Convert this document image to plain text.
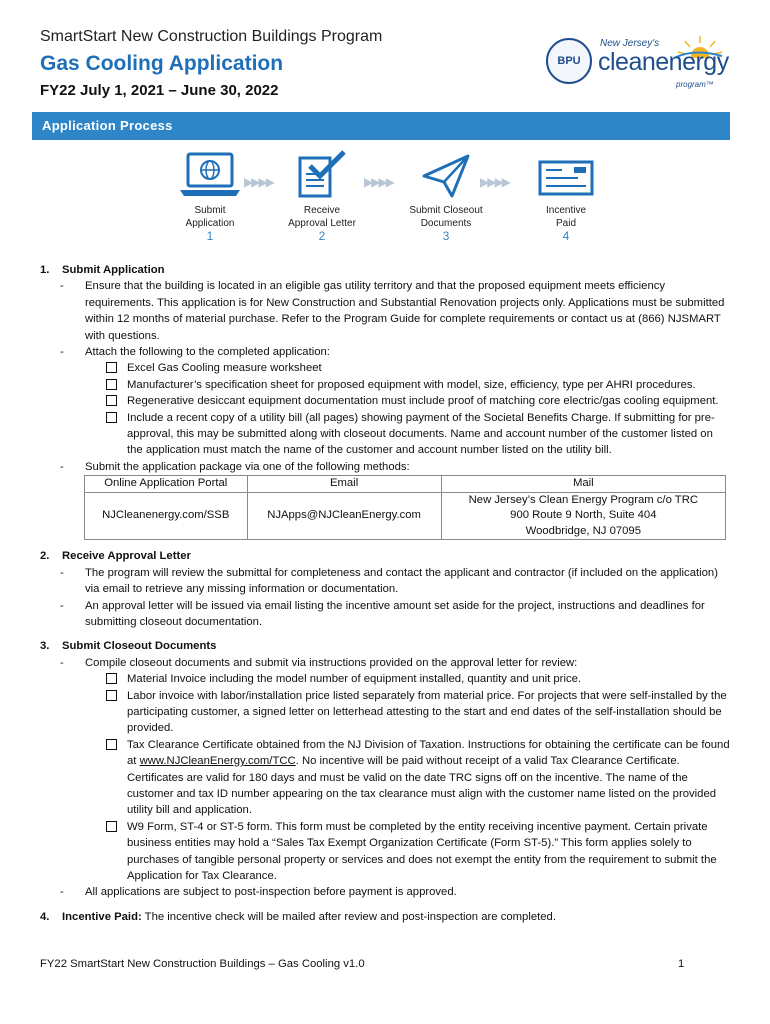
SmartStart New Construction Buildings Program
Gas Cooling Application
FY22 July 1, 2021 – June 30, 2022
BPU
New Jersey's
cleanenergy
program™
Application Process
Submit
Application
1
▶▶▶▶
Receive
Approval Letter
2
▶▶▶▶
Submit Closeout
Documents
3
▶▶▶▶
Incentive
Paid
4
1.	Submit Application
-	Ensure that the building is located in an eligible gas utility territory and that the proposed equipment meets efficiency requirements. This application is for New Construction and Substantial Renovation projects only. Applications must be submitted within 12 months of material purchase. Refer to the Program Guide for complete requirements or contact us at (866) NJSMART with questions.
-	Attach the following to the completed application:
Excel Gas Cooling measure worksheet
Manufacturer’s specification sheet for proposed equipment with model, size, efficiency, type per AHRI procedures.
Regenerative desiccant equipment documentation must include proof of matching core electric/gas cooling equipment.
Include a recent copy of a utility bill (all pages) showing payment of the Societal Benefits Charge. If submitting for pre-approval, this may be submitted along with closeout documents. Name and account number of the customer listed on the application must match the name of the customer and account number listed on the utility bill.
-	Submit the application package via one of the following methods:
Online Application Portal	Email	Mail
NJCleanenergy.com/SSB	NJApps@NJCleanEnergy.com	New Jersey’s Clean Energy Program c/o TRC
900 Route 9 North, Suite 404
Woodbridge, NJ 07095
2.	Receive Approval Letter
-	The program will review the submittal for completeness and contact the applicant and contractor (if included on the application) via email to retrieve any missing information or documentation.
-	An approval letter will be issued via email listing the incentive amount set aside for the project, instructions and deadlines for submitting closeout documentation.
3.	Submit Closeout Documents
-	Compile closeout documents and submit via instructions provided on the approval letter for review:
Material Invoice including the model number of equipment installed, quantity and unit price.
Labor invoice with labor/installation price listed separately from material price. For projects that were self-installed by the participating customer, a signed letter on letterhead attesting to the start and end dates of the self-installation should be provided.
Tax Clearance Certificate obtained from the NJ Division of Taxation. Instructions for obtaining the certificate can be found at www.NJCleanEnergy.com/TCC. No incentive will be paid without receipt of a valid Tax Clearance Certificate. Certificates are valid for 180 days and must be valid on the date TRC signs off on the incentive. The name of the customer and tax ID number appearing on the tax clearance must align with the customer name listed on the provided utility bill and application.
W9 Form, ST-4 or ST-5 form. This form must be completed by the entity receiving incentive payment. Certain private business entities may hold a “Sales Tax Exempt Organization Certificate (Form ST-5).” This form applies solely to purchases of tangible personal property or services and does not exempt the entity from the requirement to submit the Application for Tax Clearance.
-	All applications are subject to post-inspection before payment is approved.
4.	Incentive Paid: The incentive check will be mailed after review and post-inspection are completed.
FY22 SmartStart New Construction Buildings – Gas Cooling v1.0	1
